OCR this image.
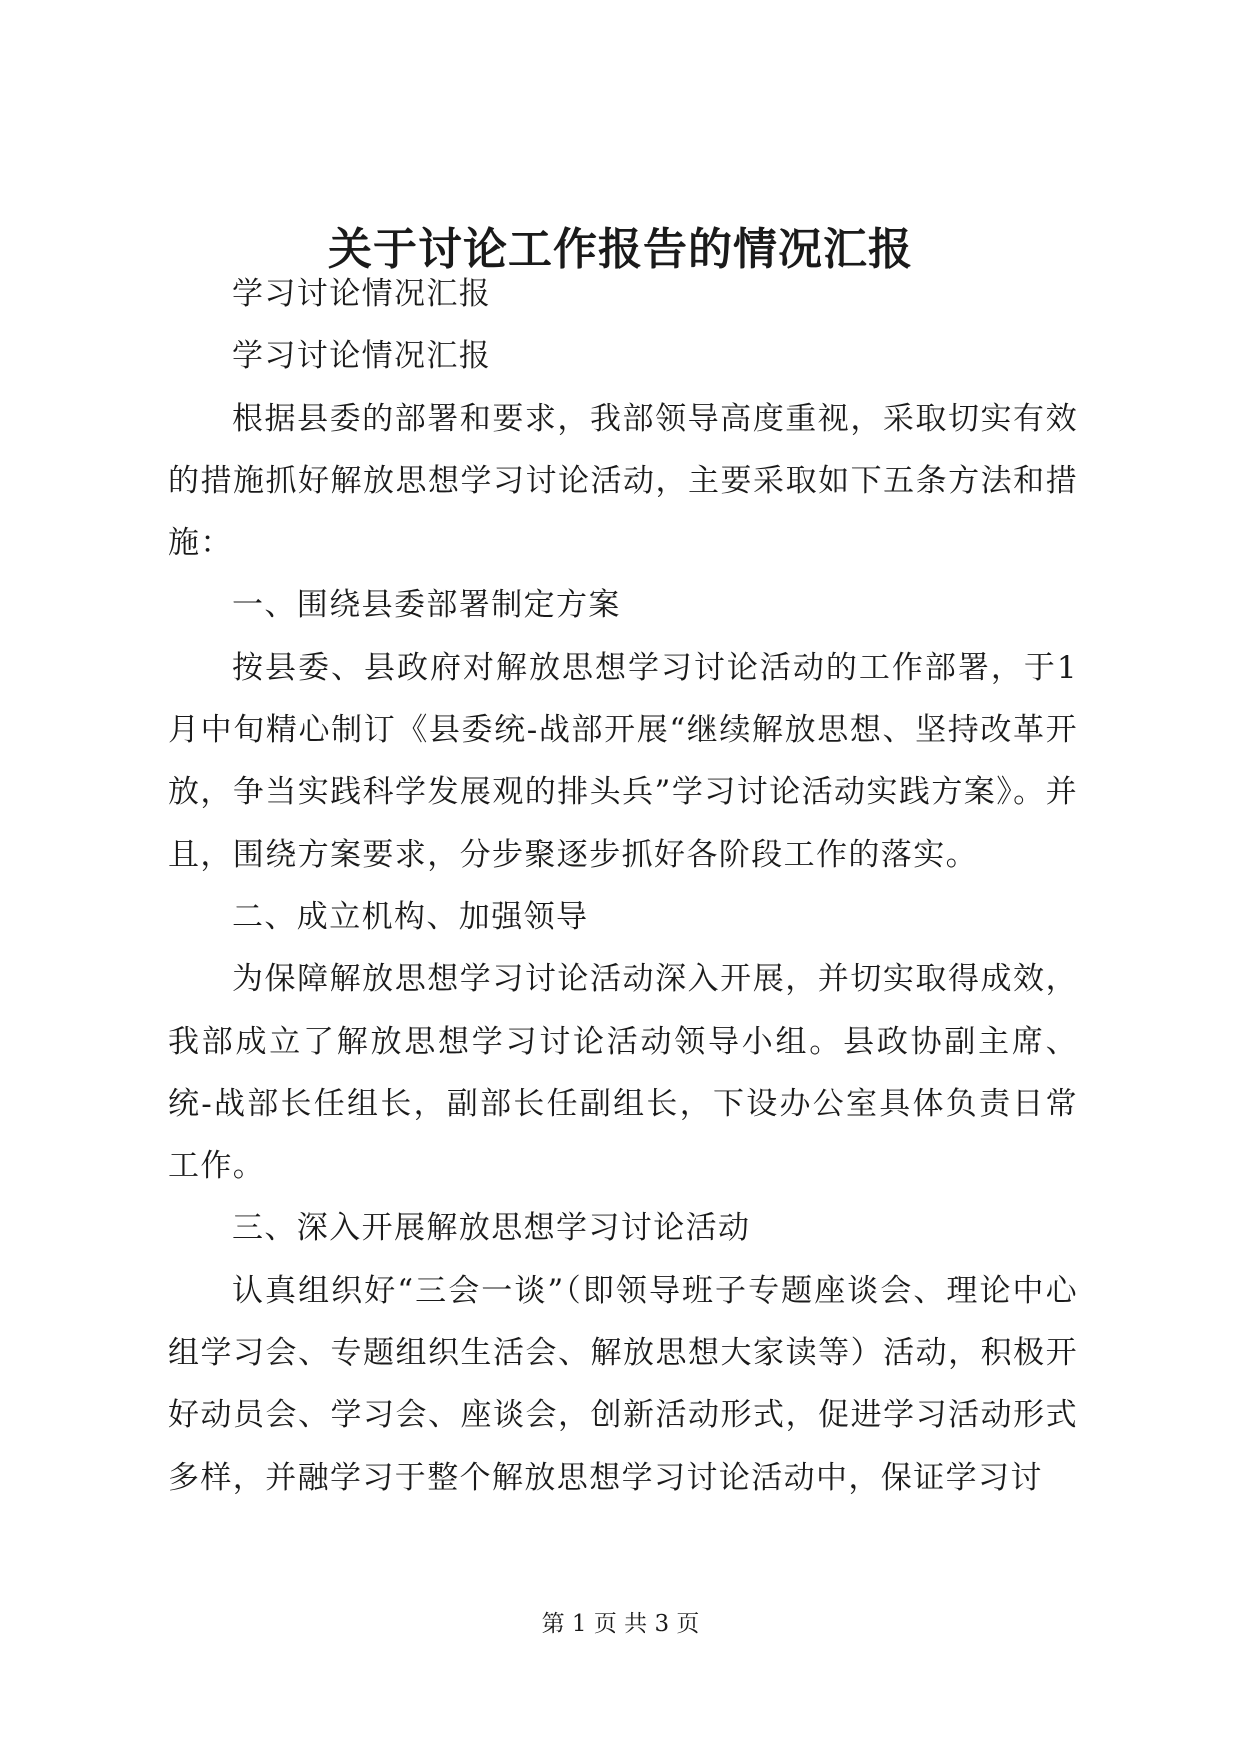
关于讨论工作报告的情况汇报

学习讨论情况汇报

学习讨论情况汇报

根据县委的部署和要求，我部领导高度重视，采取切实有效的措施抓好解放思想学习讨论活动，主要采取如下五条方法和措施：

一、围绕县委部署制定方案

按县委、县政府对解放思想学习讨论活动的工作部署，于1月中旬精心制订《县委统-战部开展“继续解放思想、坚持改革开放，争当实践科学发展观的排头兵”学习讨论活动实践方案》。并且，围绕方案要求，分步聚逐步抓好各阶段工作的落实。

二、成立机构、加强领导

为保障解放思想学习讨论活动深入开展，并切实取得成效，我部成立了解放思想学习讨论活动领导小组。县政协副主席、统-战部长任组长，副部长任副组长，下设办公室具体负责日常工作。

三、深入开展解放思想学习讨论活动

认真组织好“三会一谈”（即领导班子专题座谈会、理论中心组学习会、专题组织生活会、解放思想大家读等）活动，积极开好动员会、学习会、座谈会，创新活动形式，促进学习活动形式多样，并融学习于整个解放思想学习讨论活动中，保证学习讨

第 1 页 共 3 页
